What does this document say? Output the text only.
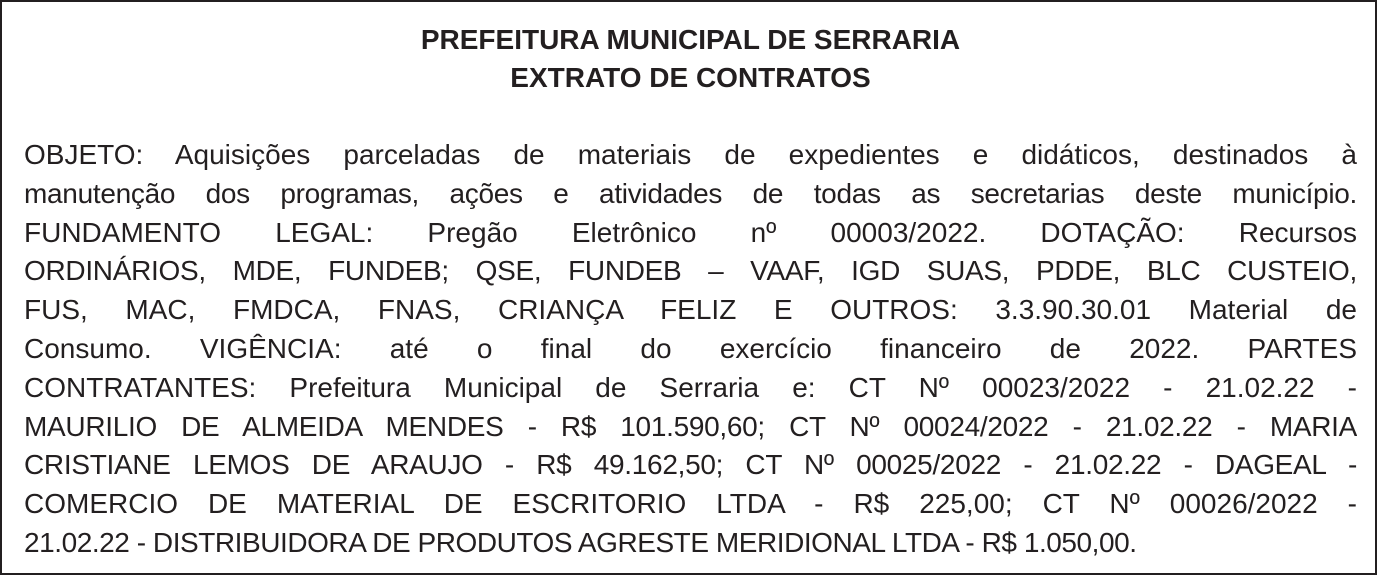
PREFEITURA MUNICIPAL DE SERRARIA
EXTRATO DE CONTRATOS
OBJETO: Aquisições parceladas de materiais de expedientes e didáticos, destinados à
manutenção dos programas, ações e atividades de todas as secretarias deste município.
FUNDAMENTO LEGAL: Pregão Eletrônico nº 00003/2022. DOTAÇÃO: Recursos
ORDINÁRIOS, MDE, FUNDEB; QSE, FUNDEB – VAAF, IGD SUAS, PDDE, BLC CUSTEIO,
FUS, MAC, FMDCA, FNAS, CRIANÇA FELIZ E OUTROS: 3.3.90.30.01 Material de
Consumo. VIGÊNCIA: até o final do exercício financeiro de 2022. PARTES
CONTRATANTES: Prefeitura Municipal de Serraria e: CT Nº 00023/2022 - 21.02.22 -
MAURILIO DE ALMEIDA MENDES - R$ 101.590,60; CT Nº 00024/2022 - 21.02.22 - MARIA
CRISTIANE LEMOS DE ARAUJO - R$ 49.162,50; CT Nº 00025/2022 - 21.02.22 - DAGEAL -
COMERCIO DE MATERIAL DE ESCRITORIO LTDA - R$ 225,00; CT Nº 00026/2022 -
21.02.22 - DISTRIBUIDORA DE PRODUTOS AGRESTE MERIDIONAL LTDA - R$ 1.050,00.
